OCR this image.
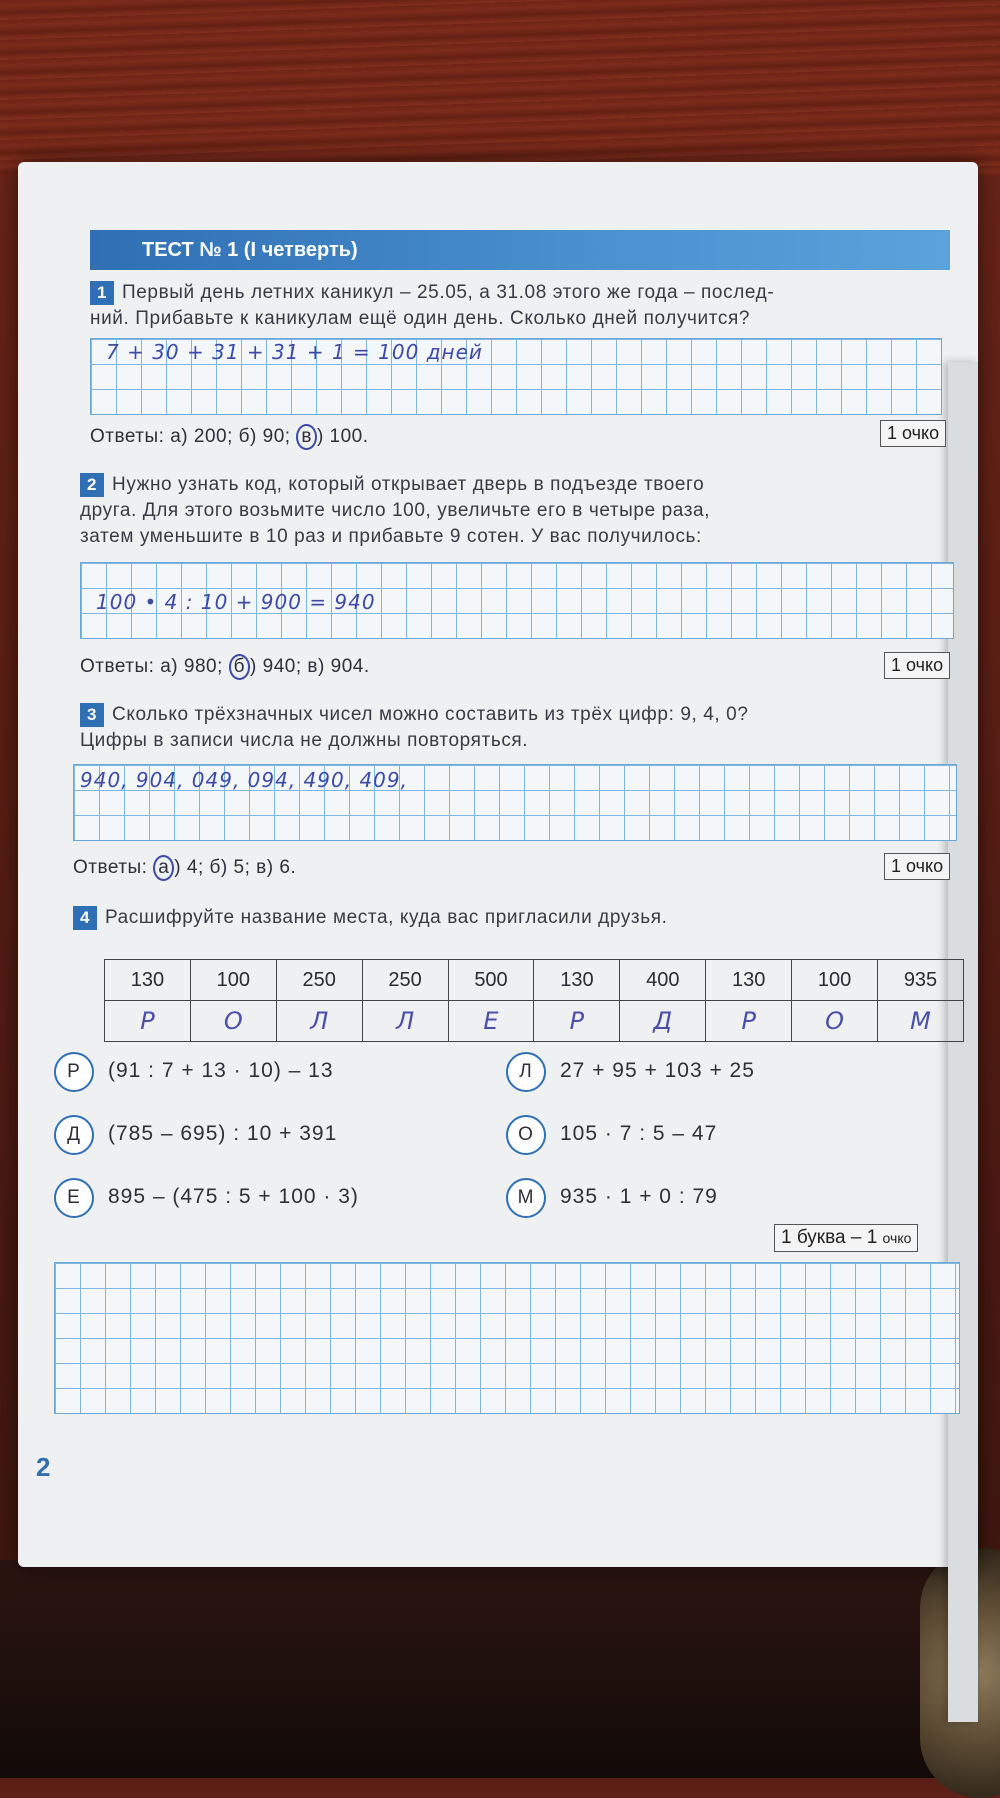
ТЕСТ № 1 (I четверть)
1 Первый день летних каникул – 25.05, а 31.08 этого же года – послед-
ний. Прибавьте к каникулам ещё один день. Сколько дней получится?
7 + 30 + 31 + 31 + 1 = 100 дней
Ответы: а) 200; б) 90; в ) 100.	1 очко
2 Нужно узнать код, который открывает дверь в подъезде твоего
друга. Для этого возьмите число 100, увеличьте его в четыре раза,
затем уменьшите в 10 раз и прибавьте 9 сотен. У вас получилось:
100 • 4 : 10 + 900 = 940
Ответы: а) 980; б ) 940; в) 904.	1 очко
3 Сколько трёхзначных чисел можно составить из трёх цифр: 9, 4, 0?
Цифры в записи числа не должны повторяться.
940, 904, 049, 094, 490, 409,
Ответы: а ) 4; б) 5; в) 6.	1 очко
4 Расшифруйте название места, куда вас пригласили друзья.
130	100	250	250	500	130	400	130	100	935
Р	О	Л	Л	Е	Р	Д	Р	О	М
Р (91 : 7 + 13 · 10) – 13	Л 27 + 95 + 103 + 25
Д (785 – 695) : 10 + 391	О 105 · 7 : 5 – 47
Е 895 – (475 : 5 + 100 · 3)	М 935 · 1 + 0 : 79
1 буква – 1 очко
2
